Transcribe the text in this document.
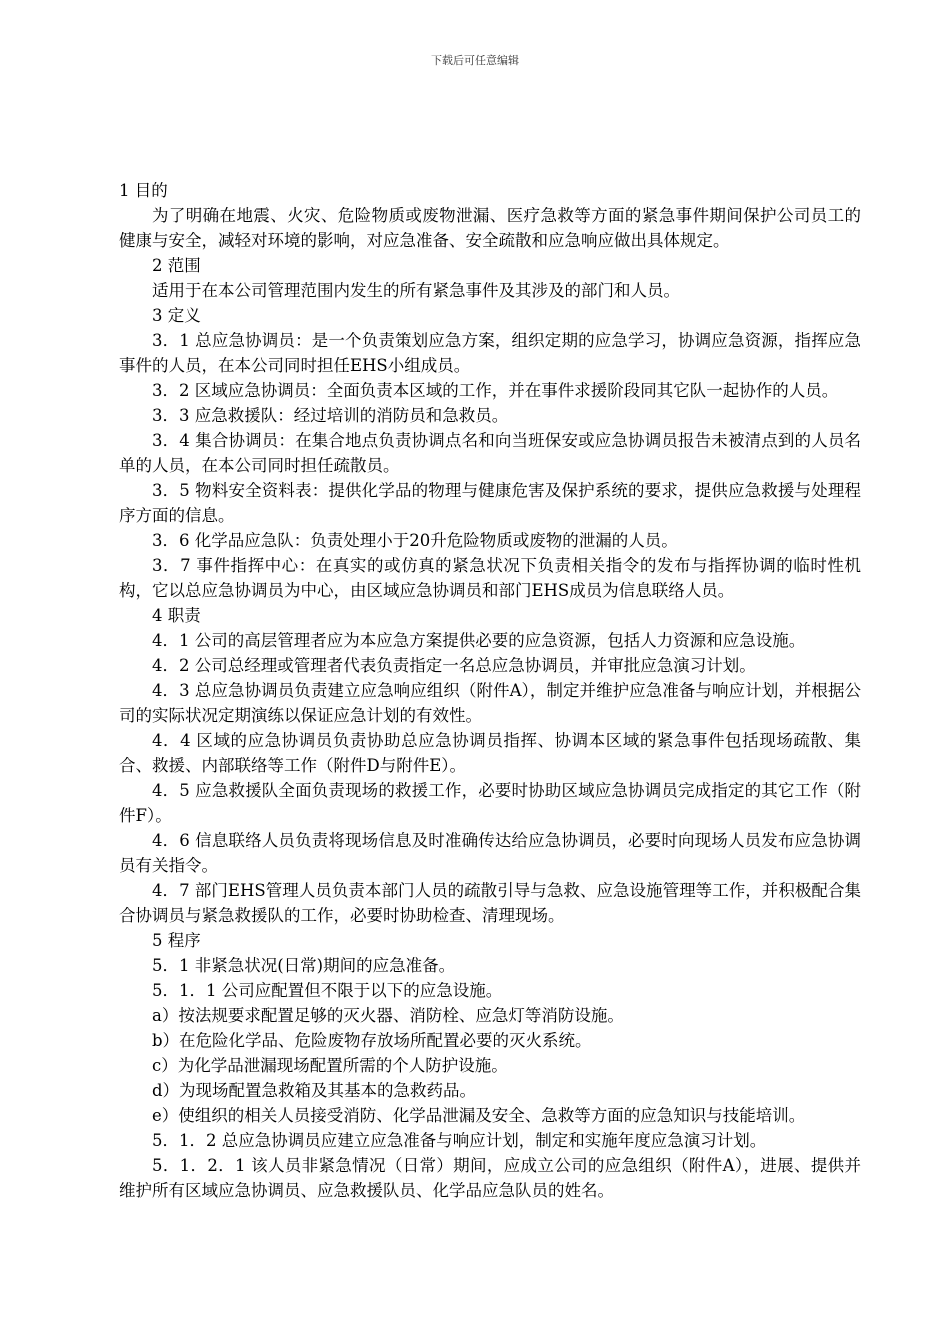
下载后可任意编辑

1 目的

为了明确在地震、火灾、危险物质或废物泄漏、医疗急救等方面的紧急事件期间保护公司员工的健康与安全，减轻对环境的影响，对应急准备、安全疏散和应急响应做出具体规定。

2 范围

适用于在本公司管理范围内发生的所有紧急事件及其涉及的部门和人员。

3 定义

3．1 总应急协调员：是一个负责策划应急方案，组织定期的应急学习，协调应急资源，指挥应急事件的人员，在本公司同时担任EHS小组成员。

3．2 区域应急协调员：全面负责本区域的工作，并在事件求援阶段同其它队一起协作的人员。

3．3 应急救援队：经过培训的消防员和急救员。

3．4 集合协调员：在集合地点负责协调点名和向当班保安或应急协调员报告未被清点到的人员名单的人员，在本公司同时担任疏散员。

3．5 物料安全资料表：提供化学品的物理与健康危害及保护系统的要求，提供应急救援与处理程序方面的信息。

3．6 化学品应急队：负责处理小于20升危险物质或废物的泄漏的人员。

3．7 事件指挥中心：在真实的或仿真的紧急状况下负责相关指令的发布与指挥协调的临时性机构，它以总应急协调员为中心，由区域应急协调员和部门EHS成员为信息联络人员。

4 职责

4．1 公司的高层管理者应为本应急方案提供必要的应急资源，包括人力资源和应急设施。

4．2 公司总经理或管理者代表负责指定一名总应急协调员，并审批应急演习计划。

4．3 总应急协调员负责建立应急响应组织（附件A），制定并维护应急准备与响应计划，并根据公司的实际状况定期演练以保证应急计划的有效性。

4．4 区域的应急协调员负责协助总应急协调员指挥、协调本区域的紧急事件包括现场疏散、集合、救援、内部联络等工作（附件D与附件E）。

4．5 应急救援队全面负责现场的救援工作，必要时协助区域应急协调员完成指定的其它工作（附件F）。

4．6 信息联络人员负责将现场信息及时准确传达给应急协调员，必要时向现场人员发布应急协调员有关指令。

4．7 部门EHS管理人员负责本部门人员的疏散引导与急救、应急设施管理等工作，并积极配合集合协调员与紧急救援队的工作，必要时协助检查、清理现场。

5 程序

5．1 非紧急状况(日常)期间的应急准备。

5．1．1 公司应配置但不限于以下的应急设施。

a）按法规要求配置足够的灭火器、消防栓、应急灯等消防设施。

b）在危险化学品、危险废物存放场所配置必要的灭火系统。

c）为化学品泄漏现场配置所需的个人防护设施。

d）为现场配置急救箱及其基本的急救药品。

e）使组织的相关人员接受消防、化学品泄漏及安全、急救等方面的应急知识与技能培训。

5．1．2 总应急协调员应建立应急准备与响应计划，制定和实施年度应急演习计划。

5．1．2．1 该人员非紧急情况（日常）期间，应成立公司的应急组织（附件A），进展、提供并维护所有区域应急协调员、应急救援队员、化学品应急队员的姓名。
